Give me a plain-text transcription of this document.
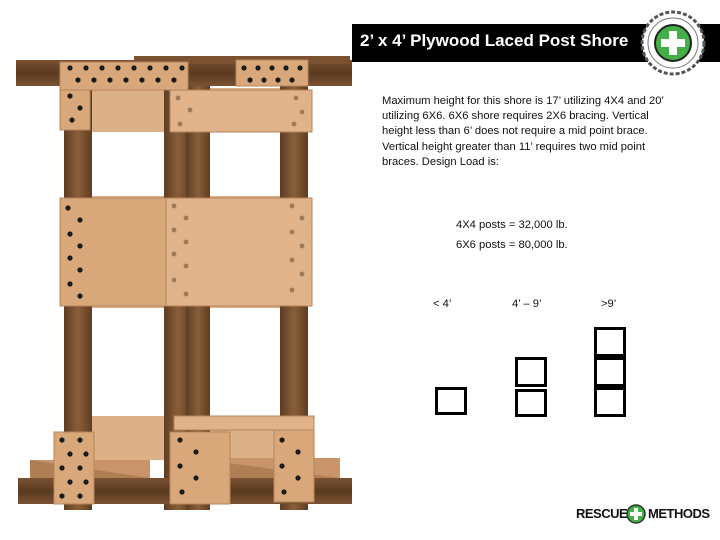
2’ x 4’ Plywood Laced Post Shore
Maximum height for this shore is 17’ utilizing 4X4 and 20’ utilizing 6X6. 6X6 shore requires 2X6 bracing. Vertical height less than 6’ does not require a mid point brace. Vertical height greater than 11’ requires two mid point braces. Design Load is:
4X4 posts = 32,000 lb.
6X6 posts = 80,000 lb.
< 4’	4’ – 9’	>9’
RESCUE METHODS
